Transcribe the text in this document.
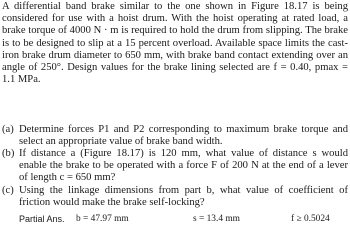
A differential band brake similar to the one shown in Figure 18.17 is being considered for use with a hoist drum. With the hoist operating at rated load, a brake torque of 4000 N · m is required to hold the drum from slipping. The brake is to be designed to slip at a 15 percent overload. Available space limits the cast-iron brake drum diameter to 650 mm, with brake band contact extending over an angle of 250°. Design values for the brake lining selected are f = 0.40, pmax = 1.1 MPa.

(a) Determine forces P1 and P2 corresponding to maximum brake torque and select an appropriate value of brake band width.
(b) If distance a (Figure 18.17) is 120 mm, what value of distance s would enable the brake to be operated with a force F of 200 N at the end of a lever of length c = 650 mm?
(c) Using the linkage dimensions from part b, what value of coefficient of friction would make the brake self-locking?
Partial Ans. b = 47.97 mm	s = 13.4 mm	f ≥ 0.5024
